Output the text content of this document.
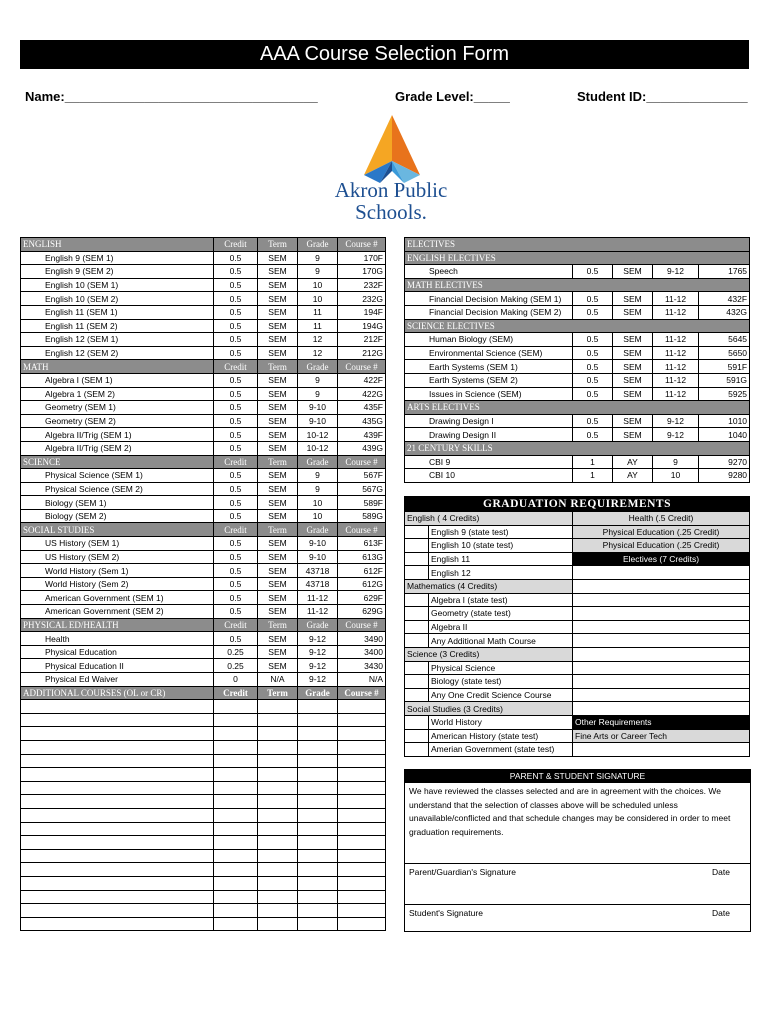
AAA Course Selection Form
Name:___________________________________	Grade Level:_____	Student ID:______________
Akron Public
Schools.
ENGLISH	Credit	Term	Grade	Course #
English 9 (SEM 1)	0.5	SEM	9	170F
English 9 (SEM 2)	0.5	SEM	9	170G
English 10 (SEM 1)	0.5	SEM	10	232F
English 10 (SEM 2)	0.5	SEM	10	232G
English 11 (SEM 1)	0.5	SEM	11	194F
English 11 (SEM 2)	0.5	SEM	11	194G
English 12 (SEM 1)	0.5	SEM	12	212F
English 12 (SEM 2)	0.5	SEM	12	212G
MATH	Credit	Term	Grade	Course #
Algebra I (SEM 1)	0.5	SEM	9	422F
Algebra 1 (SEM 2)	0.5	SEM	9	422G
Geometry (SEM 1)	0.5	SEM	9-10	435F
Geometry (SEM 2)	0.5	SEM	9-10	435G
Algebra II/Trig (SEM 1)	0.5	SEM	10-12	439F
Algebra II/Trig (SEM 2)	0.5	SEM	10-12	439G
SCIENCE	Credit	Term	Grade	Course #
Physical Science (SEM 1)	0.5	SEM	9	567F
Physical Science (SEM 2)	0.5	SEM	9	567G
Biology (SEM 1)	0.5	SEM	10	589F
Biology (SEM 2)	0.5	SEM	10	589G
SOCIAL STUDIES	Credit	Term	Grade	Course #
US History (SEM 1)	0.5	SEM	9-10	613F
US History (SEM 2)	0.5	SEM	9-10	613G
World History (Sem 1)	0.5	SEM	43718	612F
World History (Sem 2)	0.5	SEM	43718	612G
American Government (SEM 1)	0.5	SEM	11-12	629F
American Government (SEM 2)	0.5	SEM	11-12	629G
PHYSICAL ED/HEALTH	Credit	Term	Grade	Course #
Health	0.5	SEM	9-12	3490
Physical Education	0.25	SEM	9-12	3400
Physical Education II	0.25	SEM	9-12	3430
Physical Ed Waiver	0	N/A	9-12	N/A
ADDITIONAL COURSES (OL or CR)	Credit	Term	Grade	Course #

ELECTIVES				
ENGLISH ELECTIVES				
Speech	0.5	SEM	9-12	1765
MATH ELECTIVES				
Financial Decision Making (SEM 1)	0.5	SEM	11-12	432F
Financial Decision Making (SEM 2)	0.5	SEM	11-12	432G
SCIENCE ELECTIVES				
Human Biology (SEM)	0.5	SEM	11-12	5645
Environmental Science (SEM)	0.5	SEM	11-12	5650
Earth Systems (SEM 1)	0.5	SEM	11-12	591F
Earth Systems (SEM 2)	0.5	SEM	11-12	591G
Issues in Science (SEM)	0.5	SEM	11-12	5925
ARTS ELECTIVES				
Drawing Design I	0.5	SEM	9-12	1010
Drawing Design II	0.5	SEM	9-12	1040
21 CENTURY SKILLS				
CBI 9	1	AY	9	9270
CBI 10	1	AY	10	9280
GRADUATION REQUIREMENTS		
English ( 4 Credits)		Health (.5 Credit)
	English 9 (state test)	Physical Education (.25 Credit)
	English 10 (state test)	Physical Education (.25 Credit)
	English 11	Electives (7 Credits)
	English 12	
Mathematics (4 Credits)		
	Algebra I (state test)	
	Geometry (state test)	
	Algebra II	
	Any Additional Math Course	
Science (3 Credits)		
	Physical Science	
	Biology (state test)	
	Any One Credit Science Course	
Social Studies (3 Credits)		
	World History	Other Requirements
	American History (state test)	Fine Arts or Career Tech
	Amerian Government (state test)	
PARENT & STUDENT SIGNATURE
We have reviewed the classes selected and are in agreement with the choices. We understand that the selection of classes above will be scheduled unless unavailable/conflicted and that schedule changes may be considered in order to meet graduation requirements.
Parent/Guardian's Signature	Date
Student's Signature	Date
